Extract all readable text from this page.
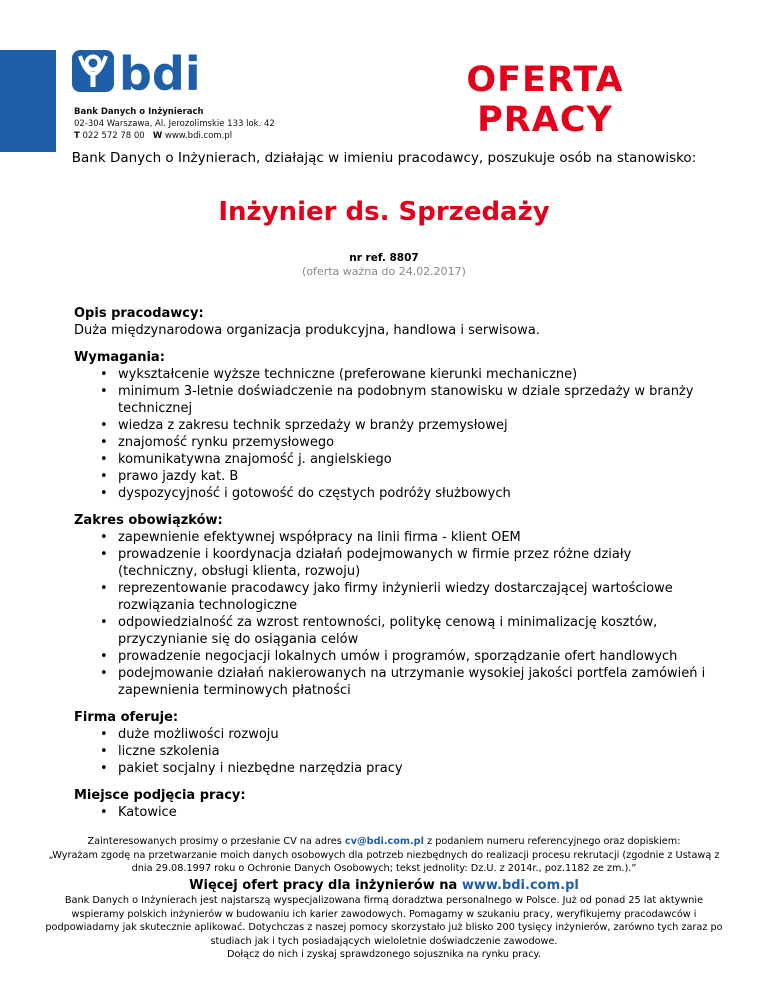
bdi
Bank Danych o Inżynierach
02-304 Warszawa, Al. Jerozolimskie 133 lok. 42
T 022 572 78 00 W www.bdi.com.pl
OFERTA
PRACY
Bank Danych o Inżynierach, działając w imieniu pracodawcy, poszukuje osób na stanowisko:
Inżynier ds. Sprzedaży
nr ref. 8807
(oferta ważna do 24.02.2017)
Opis pracodawcy:
Duża międzynarodowa organizacja produkcyjna, handlowa i serwisowa.
Wymagania:
• wykształcenie wyższe techniczne (preferowane kierunki mechaniczne)
• minimum 3-letnie doświadczenie na podobnym stanowisku w dziale sprzedaży w branży technicznej
• wiedza z zakresu technik sprzedaży w branży przemysłowej
• znajomość rynku przemysłowego
• komunikatywna znajomość j. angielskiego
• prawo jazdy kat. B
• dyspozycyjność i gotowość do częstych podróży służbowych
Zakres obowiązków:
• zapewnienie efektywnej współpracy na linii firma - klient OEM
• prowadzenie i koordynacja działań podejmowanych w firmie przez różne działy (techniczny, obsługi klienta, rozwoju)
• reprezentowanie pracodawcy jako firmy inżynierii wiedzy dostarczającej wartościowe rozwiązania technologiczne
• odpowiedzialność za wzrost rentowności, politykę cenową i minimalizację kosztów, przyczynianie się do osiągania celów
• prowadzenie negocjacji lokalnych umów i programów, sporządzanie ofert handlowych
• podejmowanie działań nakierowanych na utrzymanie wysokiej jakości portfela zamówień i zapewnienia terminowych płatności
Firma oferuje:
• duże możliwości rozwoju
• liczne szkolenia
• pakiet socjalny i niezbędne narzędzia pracy
Miejsce podjęcia pracy:
• Katowice
Zainteresowanych prosimy o przesłanie CV na adres cv@bdi.com.pl z podaniem numeru referencyjnego oraz dopiskiem:
„Wyrażam zgodę na przetwarzanie moich danych osobowych dla potrzeb niezbędnych do realizacji procesu rekrutacji (zgodnie z Ustawą z dnia 29.08.1997 roku o Ochronie Danych Osobowych; tekst jednolity: Dz.U. z 2014r., poz.1182 ze zm.).”
Więcej ofert pracy dla inżynierów na www.bdi.com.pl
Bank Danych o Inżynierach jest najstarszą wyspecjalizowana firmą doradztwa personalnego w Polsce. Już od ponad 25 lat aktywnie wspieramy polskich inżynierów w budowaniu ich karier zawodowych. Pomagamy w szukaniu pracy, weryfikujemy pracodawców i podpowiadamy jak skutecznie aplikować. Dotychczas z naszej pomocy skorzystało już blisko 200 tysięcy inżynierów, zarówno tych zaraz po studiach jak i tych posiadających wieloletnie doświadczenie zawodowe.
Dołącz do nich i zyskaj sprawdzonego sojusznika na rynku pracy.
